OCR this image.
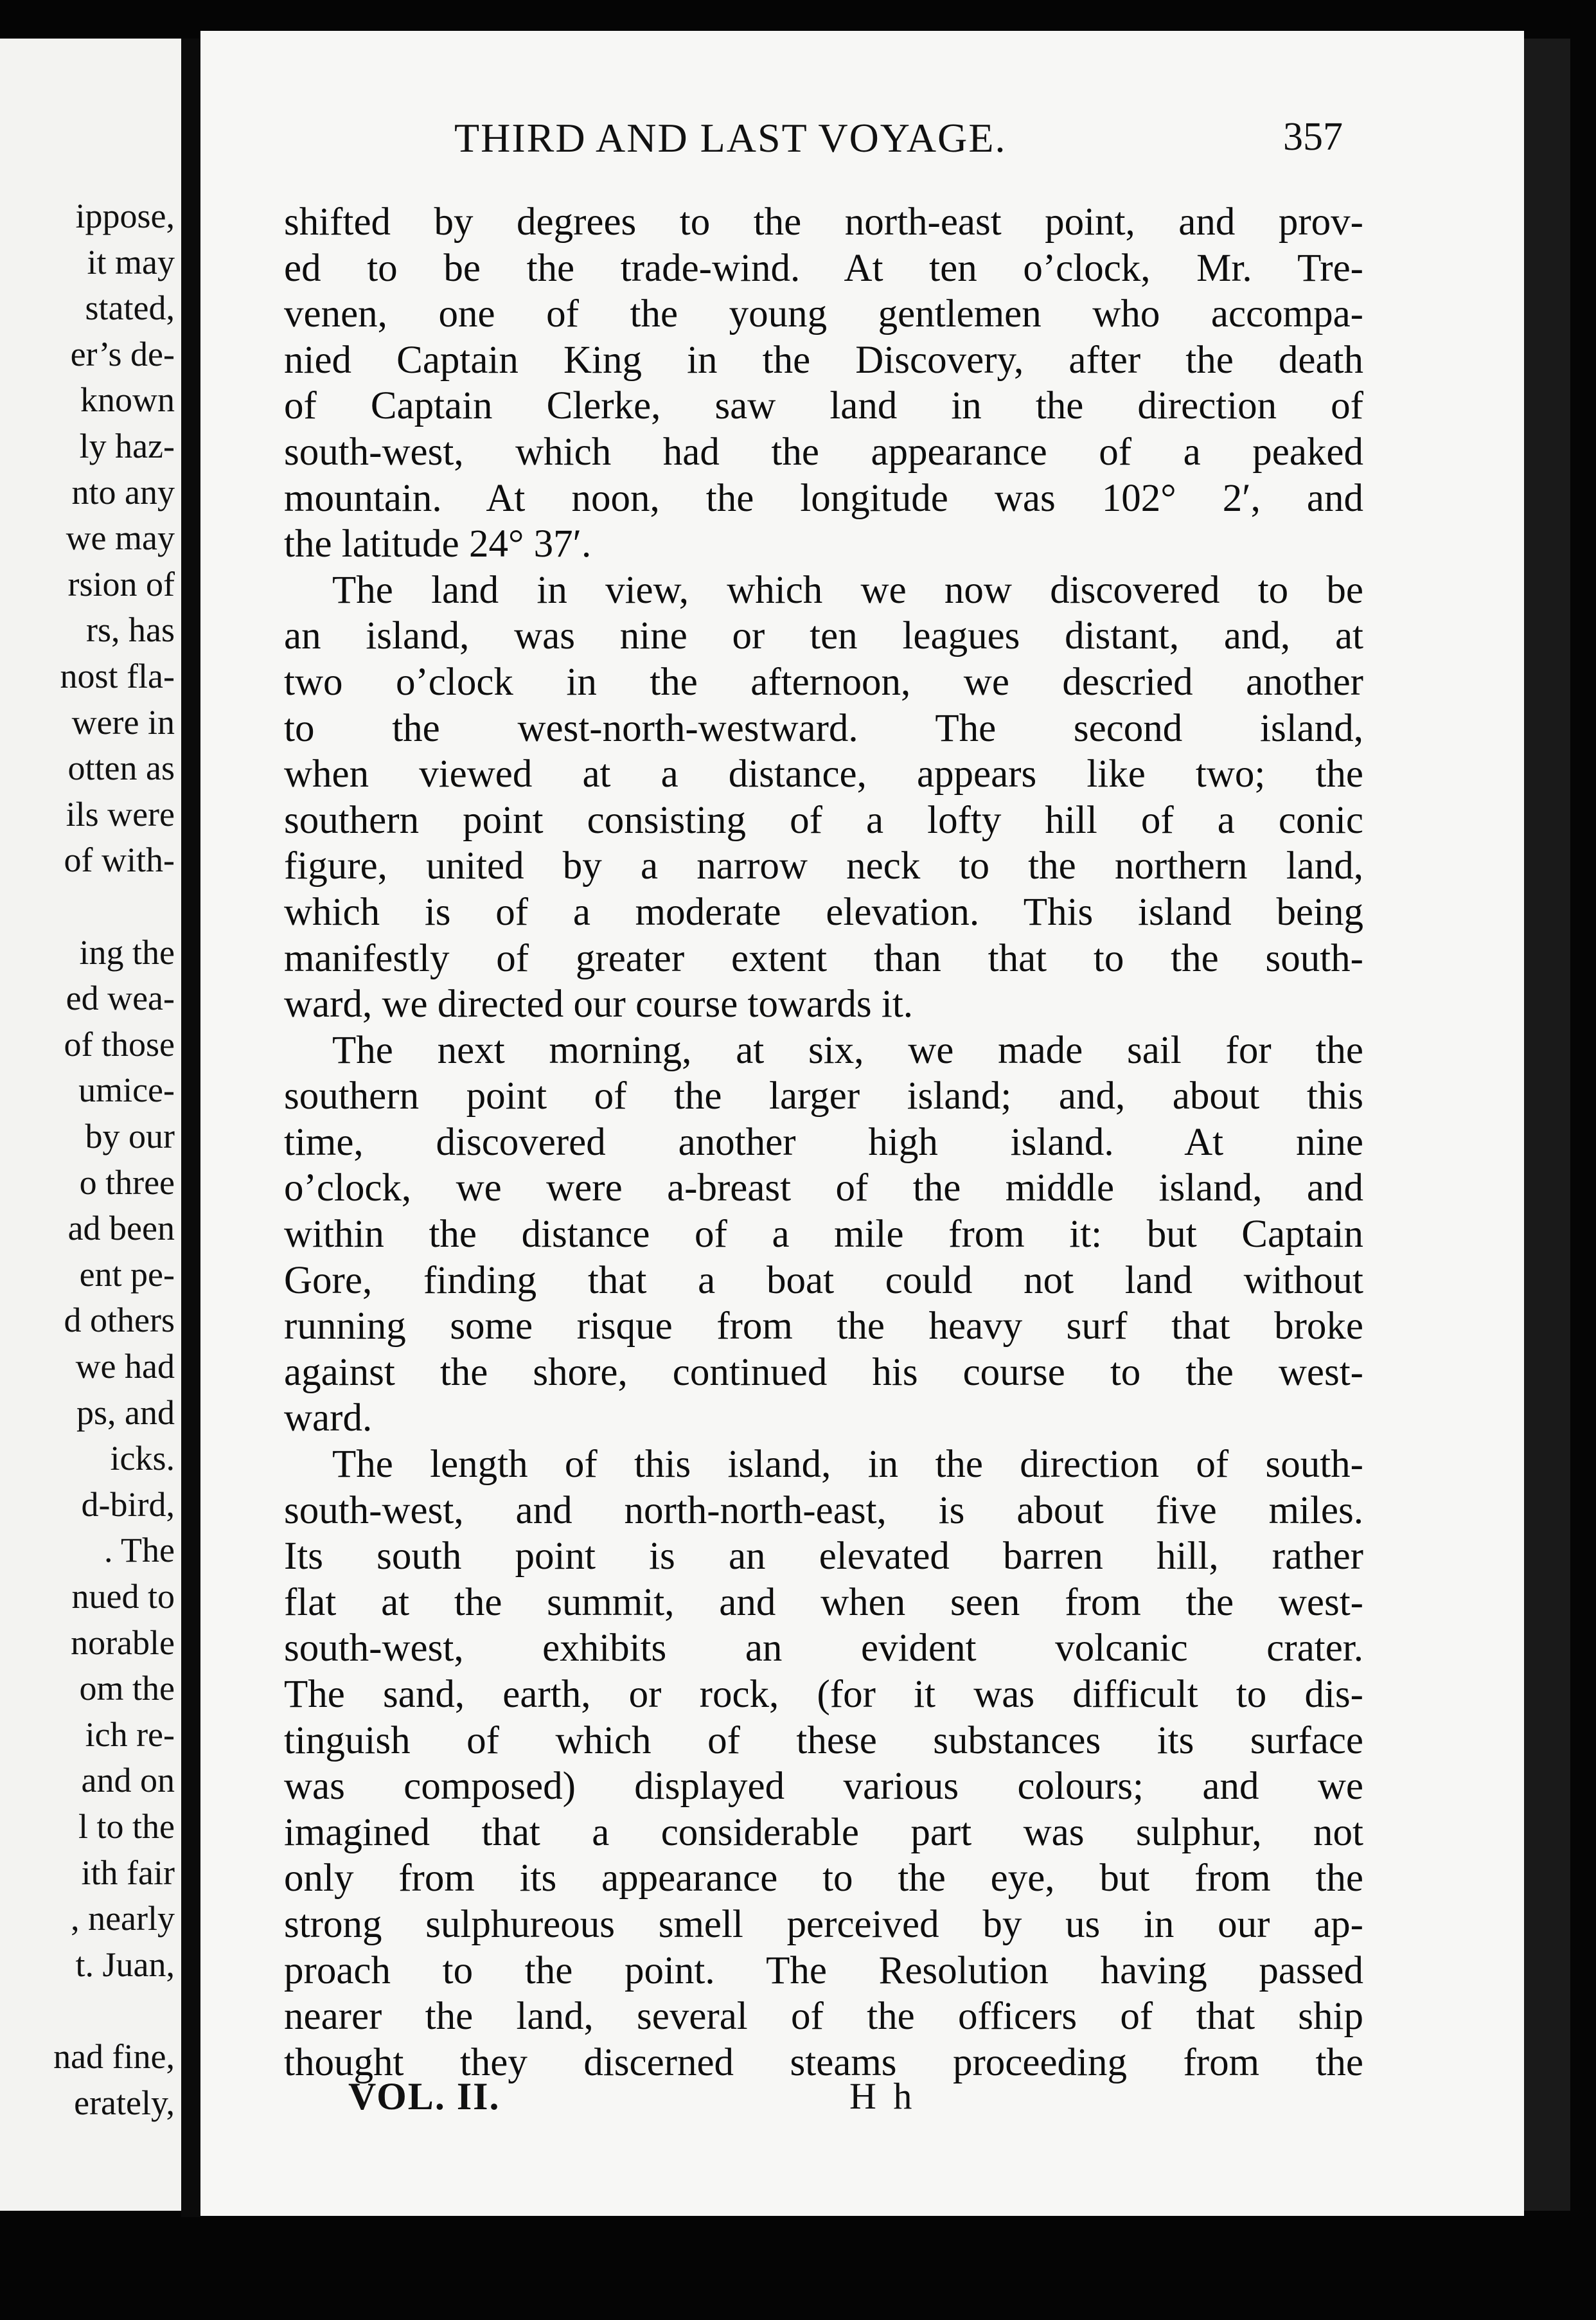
ippose,
it may
stated,
er’s de-
known
ly haz-
nto any
we may
rsion of
rs, has
nost fla-
were in
otten as
ils were
of with-
ing the
ed wea-
of those
umice-
by our
o three
ad been
ent pe-
d others
we had
ps, and
icks.
d-bird,
. The
nued to
norable
om the
ich re-
and on
l to the
ith fair
, nearly
t. Juan,
nad fine,
erately,
THIRD AND LAST VOYAGE.	357
shifted by degrees to the north-east point, and prov-
ed to be the trade-wind. At ten o’clock, Mr. Tre-
venen, one of the young gentlemen who accompa-
nied Captain King in the Discovery, after the death
of Captain Clerke, saw land in the direction of
south-west, which had the appearance of a peaked
mountain. At noon, the longitude was 102° 2′, and
the latitude 24° 37′.
The land in view, which we now discovered to be
an island, was nine or ten leagues distant, and, at
two o’clock in the afternoon, we descried another
to the west-north-westward. The second island,
when viewed at a distance, appears like two; the
southern point consisting of a lofty hill of a conic
figure, united by a narrow neck to the northern land,
which is of a moderate elevation. This island being
manifestly of greater extent than that to the south-
ward, we directed our course towards it.
The next morning, at six, we made sail for the
southern point of the larger island; and, about this
time, discovered another high island. At nine
o’clock, we were a-breast of the middle island, and
within the distance of a mile from it: but Captain
Gore, finding that a boat could not land without
running some risque from the heavy surf that broke
against the shore, continued his course to the west-
ward.
The length of this island, in the direction of south-
south-west, and north-north-east, is about five miles.
Its south point is an elevated barren hill, rather
flat at the summit, and when seen from the west-
south-west, exhibits an evident volcanic crater.
The sand, earth, or rock, (for it was difficult to dis-
tinguish of which of these substances its surface
was composed) displayed various colours; and we
imagined that a considerable part was sulphur, not
only from its appearance to the eye, but from the
strong sulphureous smell perceived by us in our ap-
proach to the point. The Resolution having passed
nearer the land, several of the officers of that ship
thought they discerned steams proceeding from the
VOL. II.	H h
